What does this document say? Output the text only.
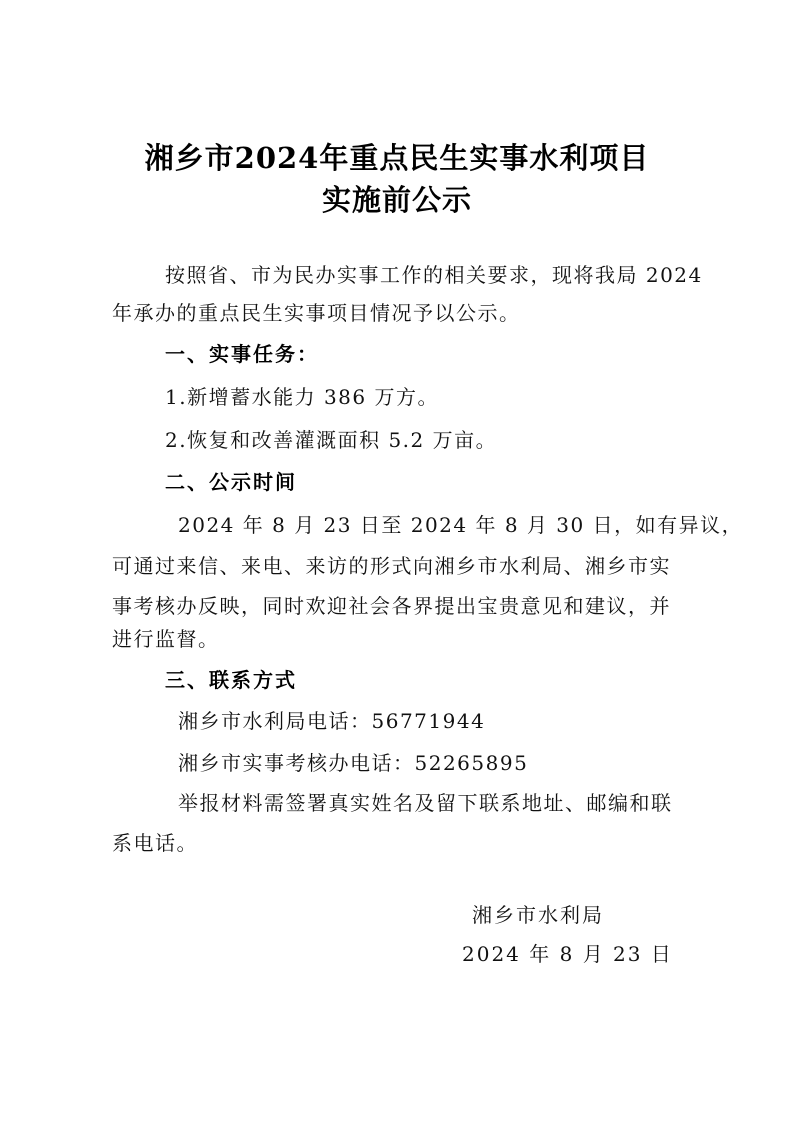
湘乡市2024年重点民生实事水利项目
实施前公示
按照省、市为民办实事工作的相关要求，现将我局 2024
年承办的重点民生实事项目情况予以公示。
一、实事任务：
1.新增蓄水能力 386 万方。
2.恢复和改善灌溉面积 5.2 万亩。
二、公示时间
2024 年 8 月 23 日至 2024 年 8 月 30 日，如有异议，
可通过来信、来电、来访的形式向湘乡市水利局、湘乡市实
事考核办反映，同时欢迎社会各界提出宝贵意见和建议，并
进行监督。
三、联系方式
湘乡市水利局电话：56771944
湘乡市实事考核办电话：52265895
举报材料需签署真实姓名及留下联系地址、邮编和联
系电话。
湘乡市水利局
2024 年 8 月 23 日
